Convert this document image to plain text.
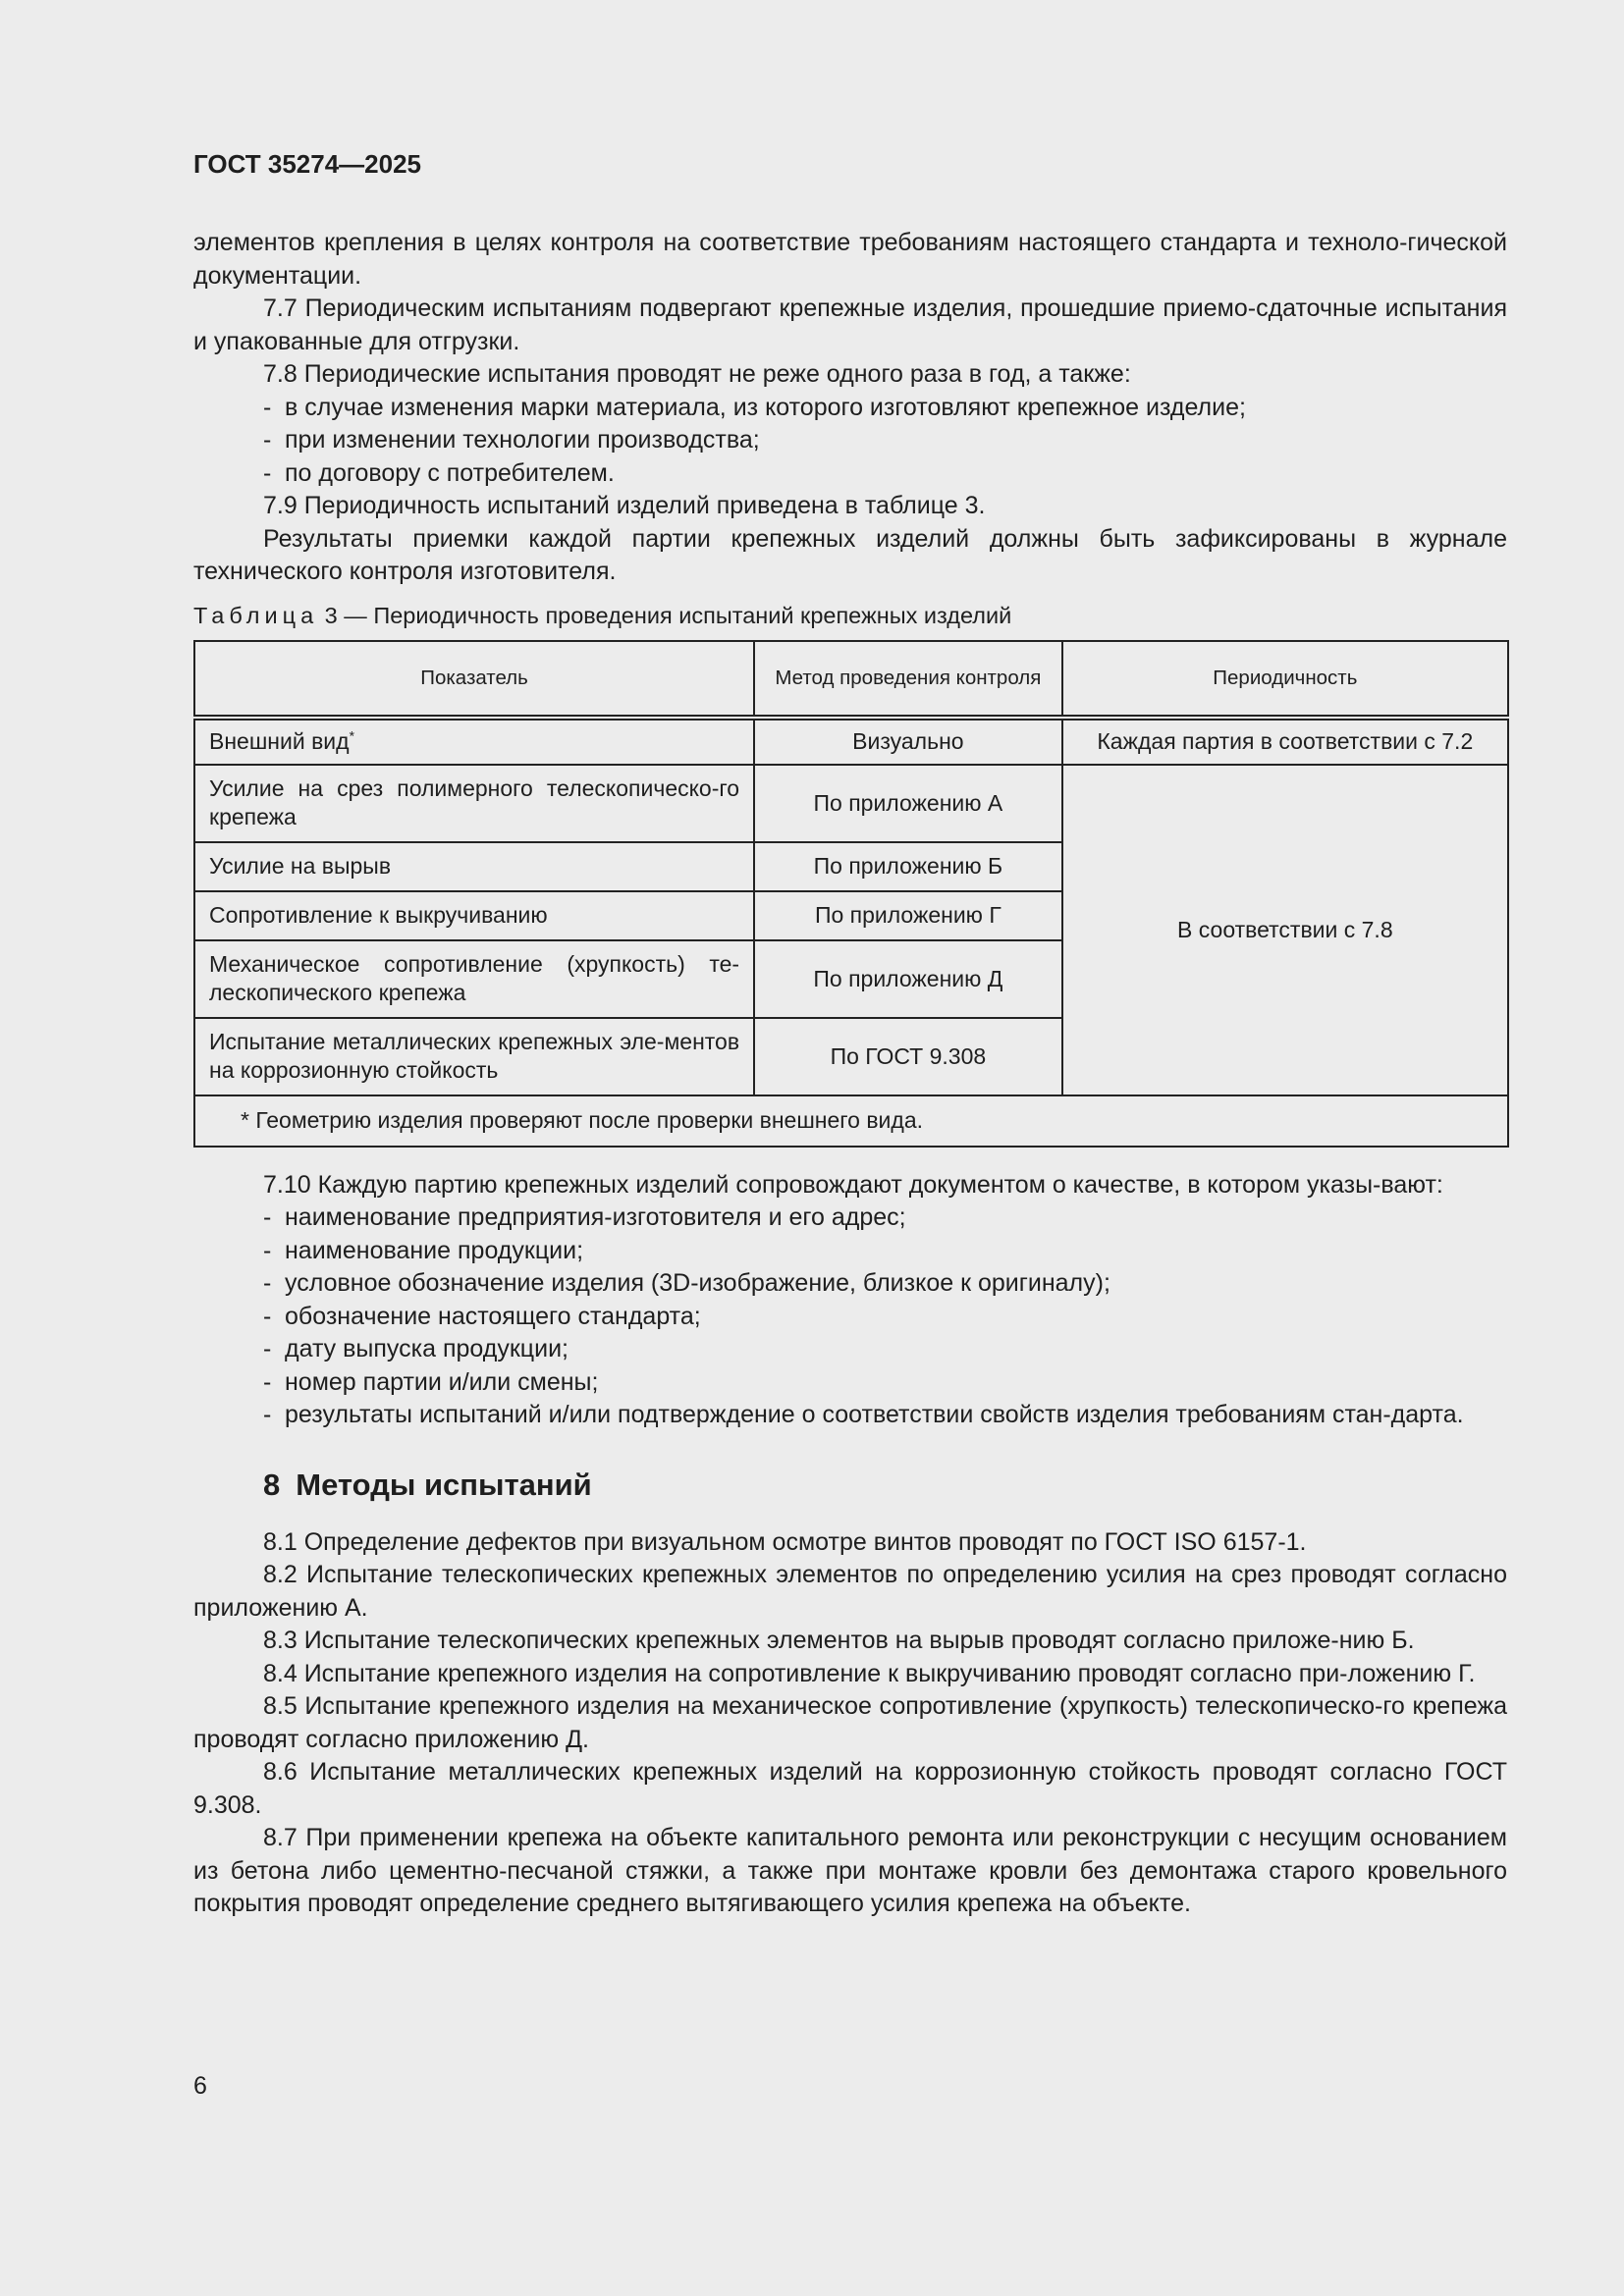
ГОСТ 35274—2025

элементов крепления в целях контроля на соответствие требованиям настоящего стандарта и техноло-гической документации.

7.7 Периодическим испытаниям подвергают крепежные изделия, прошедшие приемо-сдаточные испытания и упакованные для отгрузки.

7.8 Периодические испытания проводят не реже одного раза в год, а также:

- в случае изменения марки материала, из которого изготовляют крепежное изделие;
- при изменении технологии производства;
- по договору с потребителем.

7.9 Периодичность испытаний изделий приведена в таблице 3.

Результаты приемки каждой партии крепежных изделий должны быть зафиксированы в журнале технического контроля изготовителя.

Таблица 3 — Периодичность проведения испытаний крепежных изделий
Показатель	Метод проведения контроля	Периодичность
Внешний вид*	Визуально	Каждая партия в соответствии с 7.2
Усилие на срез полимерного телескопическо-го крепежа	По приложению А	В соответствии с 7.8
Усилие на вырыв	По приложению Б	
Сопротивление к выкручиванию	По приложению Г	
Механическое сопротивление (хрупкость) те-лескопического крепежа	По приложению Д	
Испытание металлических крепежных эле-ментов на коррозионную стойкость	По ГОСТ 9.308	
* Геометрию изделия проверяют после проверки внешнего вида.		

7.10 Каждую партию крепежных изделий сопровождают документом о качестве, в котором указы-вают:

- наименование предприятия-изготовителя и его адрес;
- наименование продукции;
- условное обозначение изделия (3D-изображение, близкое к оригиналу);
- обозначение настоящего стандарта;
- дату выпуска продукции;
- номер партии и/или смены;
- результаты испытаний и/или подтверждение о соответствии свойств изделия требованиям стан-дарта.
8 Методы испытаний

8.1 Определение дефектов при визуальном осмотре винтов проводят по ГОСТ ISO 6157-1.

8.2 Испытание телескопических крепежных элементов по определению усилия на срез проводят согласно приложению А.

8.3 Испытание телескопических крепежных элементов на вырыв проводят согласно приложе-нию Б.

8.4 Испытание крепежного изделия на сопротивление к выкручиванию проводят согласно при-ложению Г.

8.5 Испытание крепежного изделия на механическое сопротивление (хрупкость) телескопическо-го крепежа проводят согласно приложению Д.

8.6 Испытание металлических крепежных изделий на коррозионную стойкость проводят согласно ГОСТ 9.308.

8.7 При применении крепежа на объекте капитального ремонта или реконструкции с несущим основанием из бетона либо цементно-песчаной стяжки, а также при монтаже кровли без демонтажа старого кровельного покрытия проводят определение среднего вытягивающего усилия крепежа на объекте.

6
